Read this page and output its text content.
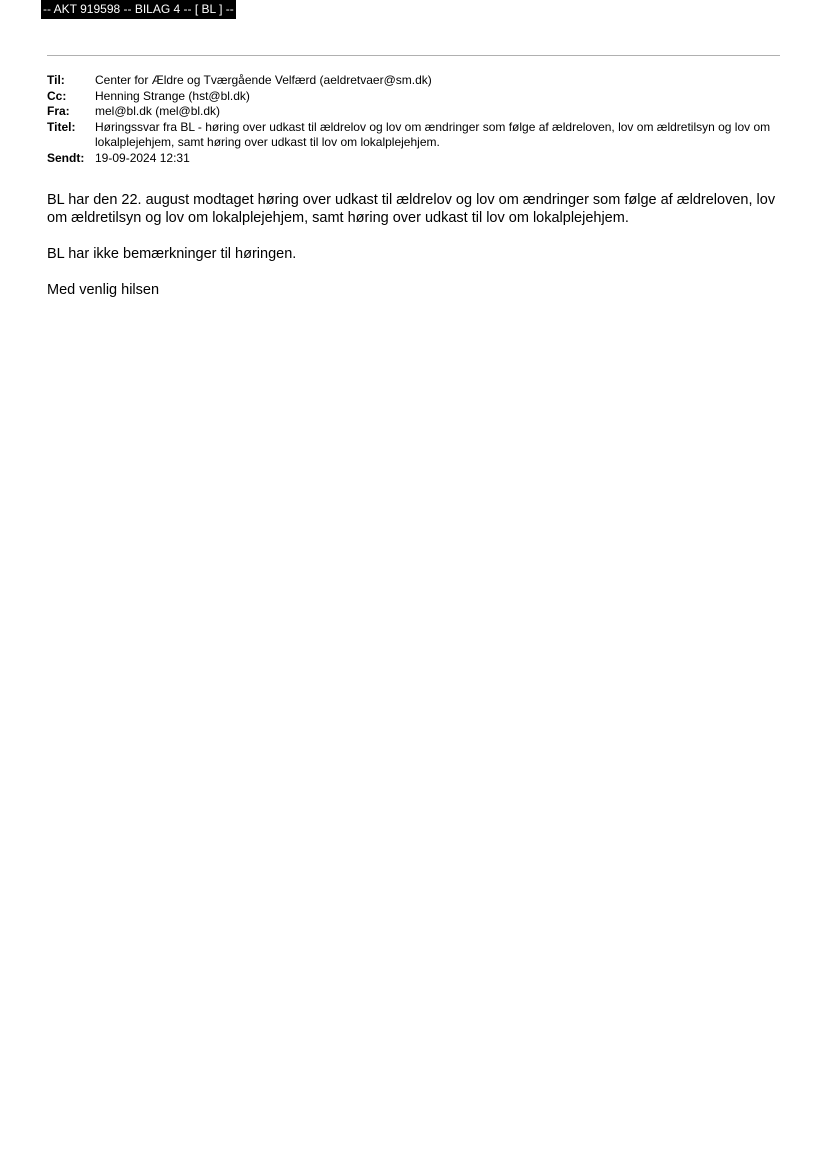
-- AKT 919598 -- BILAG 4 -- [ BL ] --
Til:	Center for Ældre og Tværgående Velfærd (aeldretvaer@sm.dk)
Cc:	Henning Strange (hst@bl.dk)
Fra:	mel@bl.dk (mel@bl.dk)
Titel:	Høringssvar fra BL - høring over udkast til ældrelov og lov om ændringer som følge af ældreloven, lov om ældretilsyn og lov om lokalplejehjem, samt høring over udkast til lov om lokalplejehjem.
Sendt: 19-09-2024 12:31

BL har den 22. august modtaget høring over udkast til ældrelov og lov om ændringer som følge af ældreloven, lov om ældretilsyn og lov om lokalplejehjem, samt høring over udkast til lov om lokalplejehjem.

BL har ikke bemærkninger til høringen.

Med venlig hilsen
